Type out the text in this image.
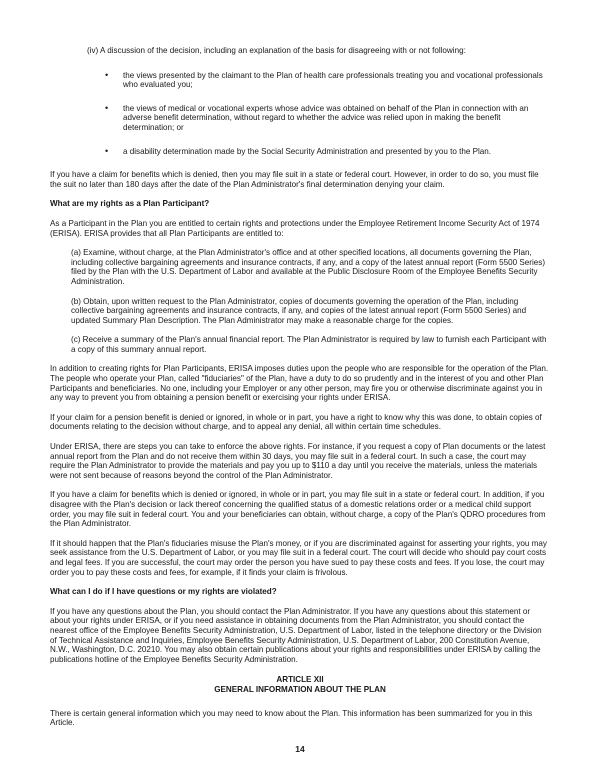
(iv) A discussion of the decision, including an explanation of the basis for disagreeing with or not following:

• the views presented by the claimant to the Plan of health care professionals treating you and vocational professionals who evaluated you;
• the views of medical or vocational experts whose advice was obtained on behalf of the Plan in connection with an adverse benefit determination, without regard to whether the advice was relied upon in making the benefit determination; or
• a disability determination made by the Social Security Administration and presented by you to the Plan.

If you have a claim for benefits which is denied, then you may file suit in a state or federal court. However, in order to do so, you must file the suit no later than 180 days after the date of the Plan Administrator's final determination denying your claim.

What are my rights as a Plan Participant?

As a Participant in the Plan you are entitled to certain rights and protections under the Employee Retirement Income Security Act of 1974 (ERISA). ERISA provides that all Plan Participants are entitled to:

(a) Examine, without charge, at the Plan Administrator's office and at other specified locations, all documents governing the Plan, including collective bargaining agreements and insurance contracts, if any, and a copy of the latest annual report (Form 5500 Series) filed by the Plan with the U.S. Department of Labor and available at the Public Disclosure Room of the Employee Benefits Security Administration.

(b) Obtain, upon written request to the Plan Administrator, copies of documents governing the operation of the Plan, including collective bargaining agreements and insurance contracts, if any, and copies of the latest annual report (Form 5500 Series) and updated Summary Plan Description. The Plan Administrator may make a reasonable charge for the copies.

(c) Receive a summary of the Plan's annual financial report. The Plan Administrator is required by law to furnish each Participant with a copy of this summary annual report.

In addition to creating rights for Plan Participants, ERISA imposes duties upon the people who are responsible for the operation of the Plan. The people who operate your Plan, called "fiduciaries" of the Plan, have a duty to do so prudently and in the interest of you and other Plan Participants and beneficiaries. No one, including your Employer or any other person, may fire you or otherwise discriminate against you in any way to prevent you from obtaining a pension benefit or exercising your rights under ERISA.

If your claim for a pension benefit is denied or ignored, in whole or in part, you have a right to know why this was done, to obtain copies of documents relating to the decision without charge, and to appeal any denial, all within certain time schedules.

Under ERISA, there are steps you can take to enforce the above rights. For instance, if you request a copy of Plan documents or the latest annual report from the Plan and do not receive them within 30 days, you may file suit in a federal court. In such a case, the court may require the Plan Administrator to provide the materials and pay you up to $110 a day until you receive the materials, unless the materials were not sent because of reasons beyond the control of the Plan Administrator.

If you have a claim for benefits which is denied or ignored, in whole or in part, you may file suit in a state or federal court. In addition, if you disagree with the Plan's decision or lack thereof concerning the qualified status of a domestic relations order or a medical child support order, you may file suit in federal court. You and your beneficiaries can obtain, without charge, a copy of the Plan's QDRO procedures from the Plan Administrator.

If it should happen that the Plan's fiduciaries misuse the Plan's money, or if you are discriminated against for asserting your rights, you may seek assistance from the U.S. Department of Labor, or you may file suit in a federal court. The court will decide who should pay court costs and legal fees. If you are successful, the court may order the person you have sued to pay these costs and fees. If you lose, the court may order you to pay these costs and fees, for example, if it finds your claim is frivolous.

What can I do if I have questions or my rights are violated?

If you have any questions about the Plan, you should contact the Plan Administrator. If you have any questions about this statement or about your rights under ERISA, or if you need assistance in obtaining documents from the Plan Administrator, you should contact the nearest office of the Employee Benefits Security Administration, U.S. Department of Labor, listed in the telephone directory or the Division of Technical Assistance and Inquiries, Employee Benefits Security Administration, U.S. Department of Labor, 200 Constitution Avenue, N.W., Washington, D.C. 20210. You may also obtain certain publications about your rights and responsibilities under ERISA by calling the publications hotline of the Employee Benefits Security Administration.

ARTICLE XII
GENERAL INFORMATION ABOUT THE PLAN

There is certain general information which you may need to know about the Plan. This information has been summarized for you in this Article.

14
